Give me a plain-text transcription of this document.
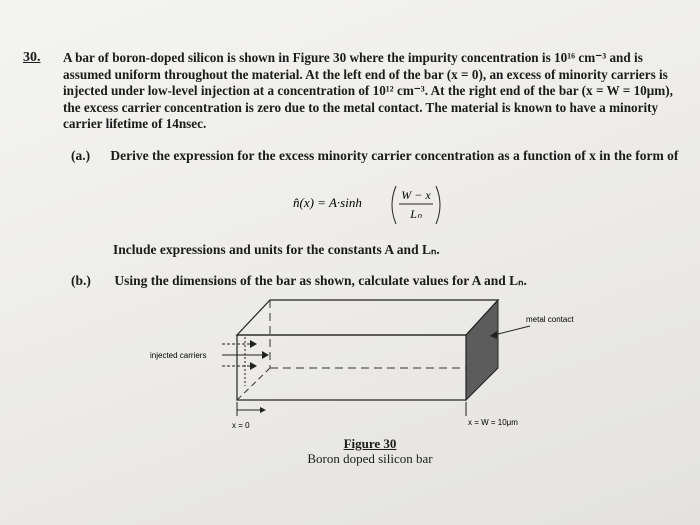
30. A bar of boron-doped silicon is shown in Figure 30 where the impurity concentration is 10¹⁶ cm⁻³ and is assumed uniform throughout the material. At the left end of the bar (x = 0), an excess of minority carriers is injected under low-level injection at a concentration of 10¹² cm⁻³. At the right end of the bar (x = W = 10μm), the excess carrier concentration is zero due to the metal contact. The material is known to have a minority carrier lifetime of 14nsec.

(a.) Derive the expression for the excess minority carrier concentration as a function of x in the form of
n̂(x) = A·sinh	W − x
Lₙ
Include expressions and units for the constants A and Lₙ.
(b.) Using the dimensions of the bar as shown, calculate values for A and Lₙ.
metal contact
injected carriers
x = 0	x = W = 10μm
Figure 30
Boron doped silicon bar
